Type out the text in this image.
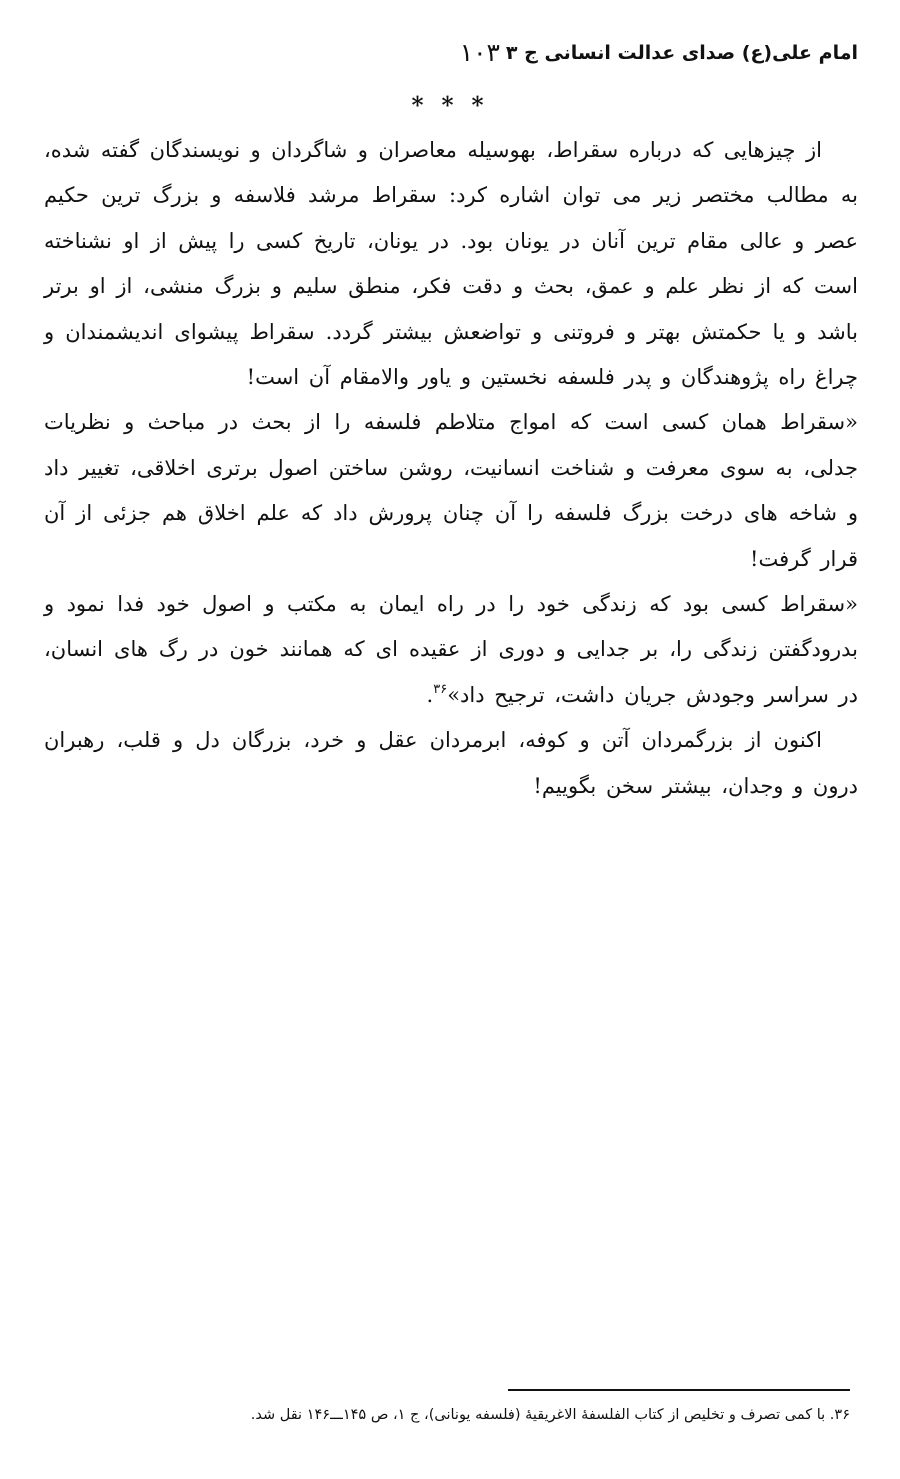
امام علی(ع) صدای عدالت انسانی ج ۳
۱۰۳
* * *

از چیزهایی که درباره سقراط، بهوسیله معاصران و شاگردان و نویسندگان گفته شده، به مطالب مختصر زیر می توان اشاره کرد: سقراط مرشد فلاسفه و بزرگ ترین حکیم عصر و عالی مقام ترین آنان در یونان بود. در یونان، تاریخ کسی را پیش از او نشناخته است که از نظر علم و عمق، بحث و دقت فکر، منطق سلیم و بزرگ منشی، از او برتر باشد و یا حکمتش بهتر و فروتنی و تواضعش بیشتر گردد. سقراط پیشوای اندیشمندان و چراغ راه پژوهندگان و پدر فلسفه نخستین و یاور والامقام آن است!

«سقراط همان کسی است که امواج متلاطم فلسفه را از بحث در مباحث و نظریات جدلی، به سوی معرفت و شناخت انسانیت، روشن ساختن اصول برتری اخلاقی، تغییر داد و شاخه های درخت بزرگ فلسفه را آن چنان پرورش داد که علم اخلاق هم جزئی از آن قرار گرفت!

«سقراط کسی بود که زندگی خود را در راه ایمان به مکتب و اصول خود فدا نمود و بدرودگفتن زندگی را، بر جدایی و دوری از عقیده ای که همانند خون در رگ های انسان، در سراسر وجودش جریان داشت، ترجیح داد»$^{۳۶}$.

اکنون از بزرگمردان آتن و کوفه، ابرمردان عقل و خرد، بزرگان دل و قلب، رهبران درون و وجدان، بیشتر سخن بگوییم!

۳۶. با کمی تصرف و تخلیص از کتاب الفلسفهٔ الاغریقیهٔ (فلسفه یونانی)، ج ۱، ص ۱۴۵ـــ۱۴۶ نقل شد.
